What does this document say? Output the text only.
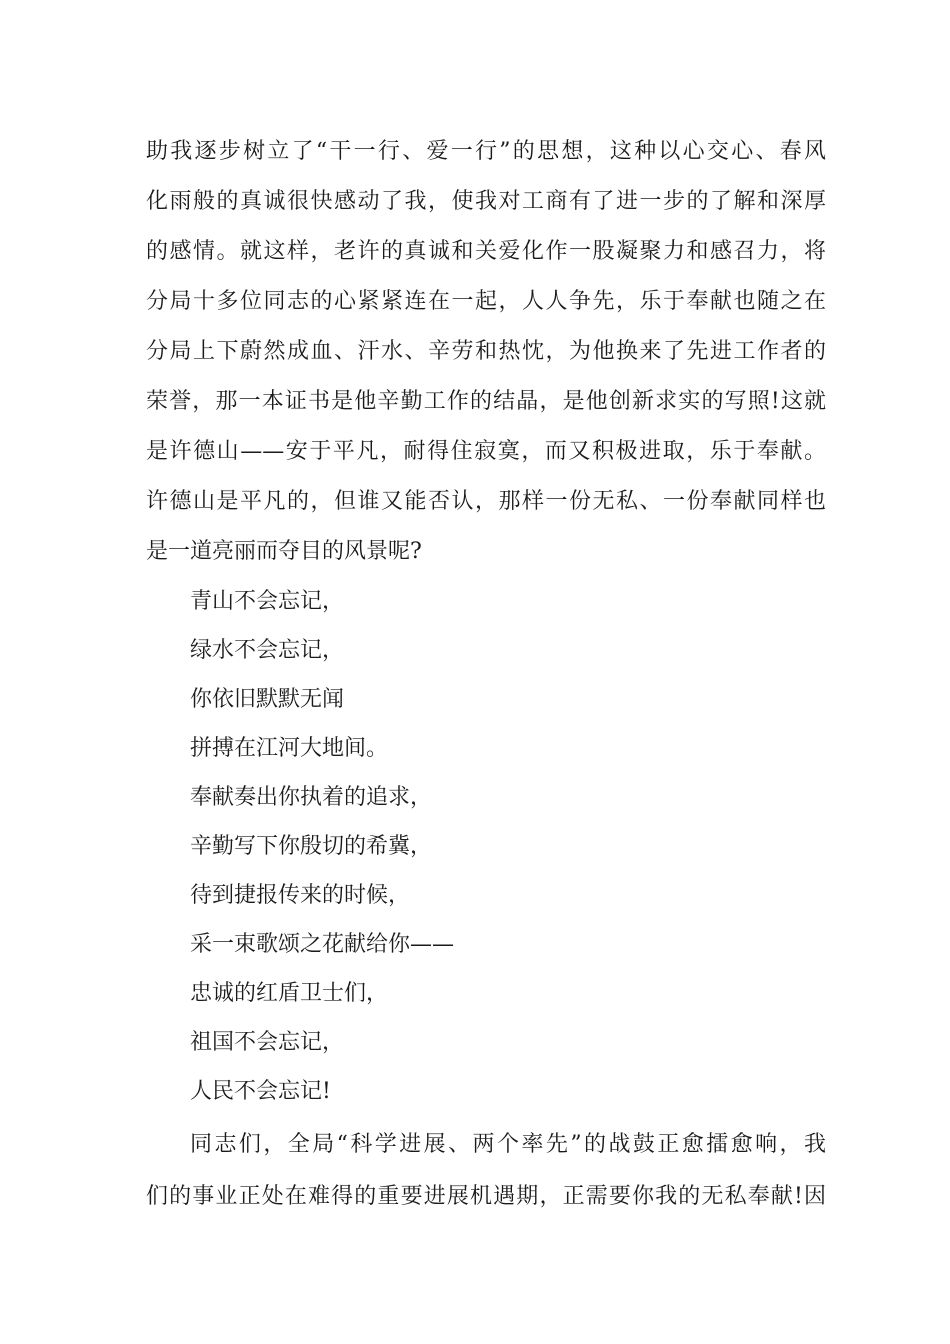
助我逐步树立了“干一行、爱一行”的思想，这种以心交心、春风
化雨般的真诚很快感动了我，使我对工商有了进一步的了解和深厚
的感情。就这样，老许的真诚和关爱化作一股凝聚力和感召力，将
分局十多位同志的心紧紧连在一起，人人争先，乐于奉献也随之在
分局上下蔚然成血、汗水、辛劳和热忱，为他换来了先进工作者的
荣誉，那一本证书是他辛勤工作的结晶，是他创新求实的写照!这就
是许德山——安于平凡，耐得住寂寞，而又积极进取，乐于奉献。
许德山是平凡的，但谁又能否认，那样一份无私、一份奉献同样也
是一道亮丽而夺目的风景呢?
青山不会忘记，
绿水不会忘记，
你依旧默默无闻
拼搏在江河大地间。
奉献奏出你执着的追求，
辛勤写下你殷切的希冀，
待到捷报传来的时候，
采一束歌颂之花献给你——
忠诚的红盾卫士们，
祖国不会忘记，
人民不会忘记!
同志们，全局“科学进展、两个率先”的战鼓正愈擂愈响，我
们的事业正处在难得的重要进展机遇期，正需要你我的无私奉献!因
